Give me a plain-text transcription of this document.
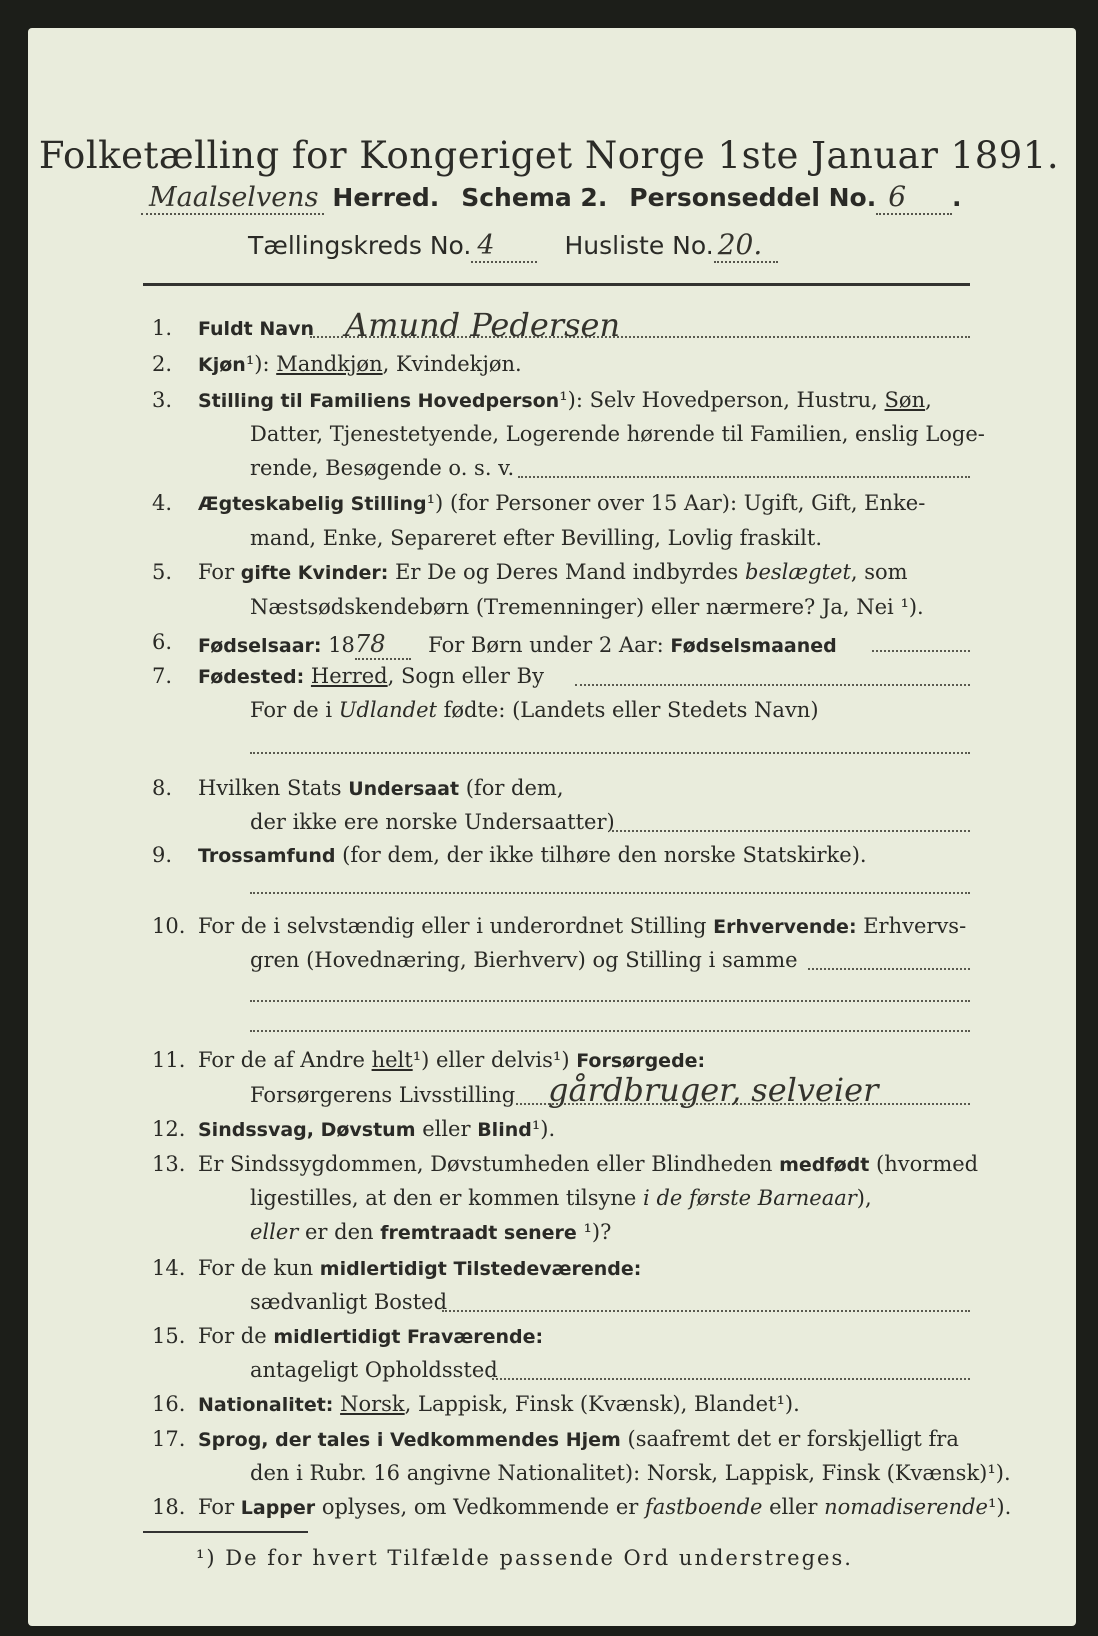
Folketælling for Kongeriget Norge 1ste Januar 1891.
Maalselvens Herred. Schema 2. Personseddel No. 6 .
Tællingskreds No. 4	Husliste No. 20.
1. Fuldt Navn Amund Pedersen
2. Kjøn¹): Mandkjøn, Kvindekjøn.
3. Stilling til Familiens Hovedperson¹): Selv Hovedperson, Hustru, Søn,
Datter, Tjenestetyende, Logerende hørende til Familien, enslig Loge-
rende, Besøgende o. s. v.
4. Ægteskabelig Stilling¹) (for Personer over 15 Aar): Ugift, Gift, Enke-
mand, Enke, Separeret efter Bevilling, Lovlig fraskilt.
5. For gifte Kvinder: Er De og Deres Mand indbyrdes beslægtet, som
Næstsødskendebørn (Tremenninger) eller nærmere? Ja, Nei ¹).
6. Fødselsaar: 1878 For Børn under 2 Aar: Fødselsmaaned
7. Fødested: Herred, Sogn eller By
For de i Udlandet fødte: (Landets eller Stedets Navn)
8. Hvilken Stats Undersaat (for dem,
der ikke ere norske Undersaatter)
9. Trossamfund (for dem, der ikke tilhøre den norske Statskirke).
10. For de i selvstændig eller i underordnet Stilling Erhvervende: Erhvervs-
gren (Hovednæring, Bierhverv) og Stilling i samme
11. For de af Andre helt¹) eller delvis¹) Forsørgede:
Forsørgerens Livsstilling gårdbruger, selveier
12. Sindssvag, Døvstum eller Blind¹).
13. Er Sindssygdommen, Døvstumheden eller Blindheden medfødt (hvormed
ligestilles, at den er kommen tilsyne i de første Barneaar),
eller er den fremtraadt senere ¹)?
14. For de kun midlertidigt Tilstedeværende:
sædvanligt Bosted
15. For de midlertidigt Fraværende:
antageligt Opholdssted
16. Nationalitet: Norsk, Lappisk, Finsk (Kvænsk), Blandet¹).
17. Sprog, der tales i Vedkommendes Hjem (saafremt det er forskjelligt fra
den i Rubr. 16 angivne Nationalitet): Norsk, Lappisk, Finsk (Kvænsk)¹).
18. For Lapper oplyses, om Vedkommende er fastboende eller nomadiserende¹).
¹) De for hvert Tilfælde passende Ord understreges.
